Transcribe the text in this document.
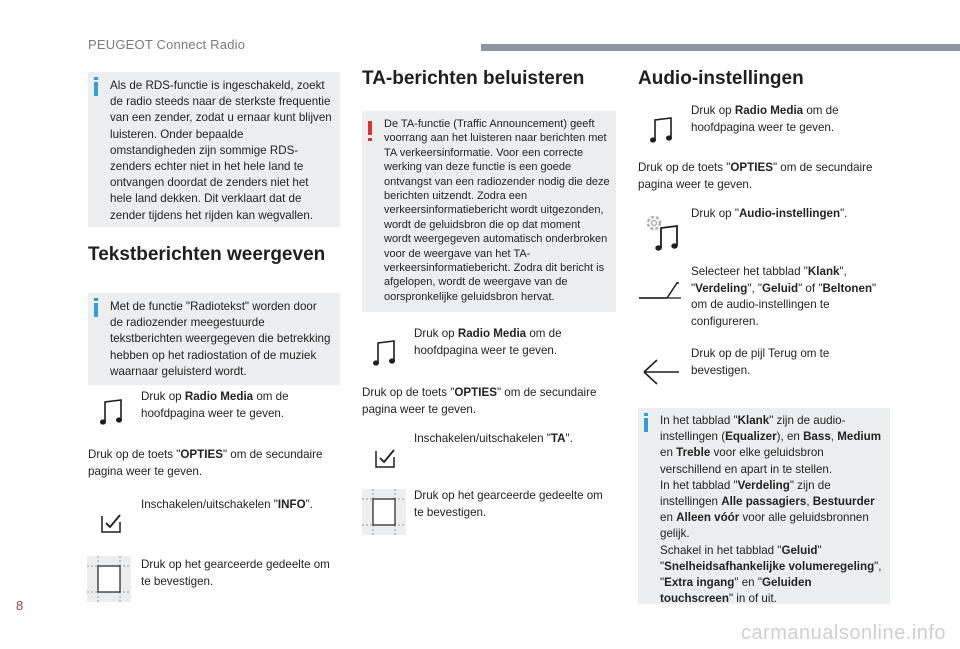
PEUGEOT Connect Radio

Als de RDS-functie is ingeschakeld, zoekt de radio steeds naar de sterkste frequentie van een zender, zodat u ernaar kunt blijven luisteren. Onder bepaalde omstandigheden zijn sommige RDS-zenders echter niet in het hele land te ontvangen doordat de zenders niet het hele land dekken. Dit verklaart dat de zender tijdens het rijden kan wegvallen.

Tekstberichten weergeven

Met de functie "Radiotekst" worden door de radiozender meegestuurde tekstberichten weergegeven die betrekking hebben op het radiostation of de muziek waarnaar geluisterd wordt.

Druk op Radio Media om de hoofdpagina weer te geven.
Druk op de toets "OPTIES" om de secundaire pagina weer te geven.
Inschakelen/uitschakelen "INFO".
Druk op het gearceerde gedeelte om te bevestigen.
TA-berichten beluisteren

De TA-functie (Traffic Announcement) geeft voorrang aan het luisteren naar berichten met TA verkeersinformatie. Voor een correcte werking van deze functie is een goede ontvangst van een radiozender nodig die deze berichten uitzendt. Zodra een verkeersinformatiebericht wordt uitgezonden, wordt de geluidsbron die op dat moment wordt weergegeven automatisch onderbroken voor de weergave van het TA-verkeersinformatiebericht. Zodra dit bericht is afgelopen, wordt de weergave van de oorspronkelijke geluidsbron hervat.

Druk op Radio Media om de hoofdpagina weer te geven.
Druk op de toets "OPTIES" om de secundaire pagina weer te geven.
Inschakelen/uitschakelen "TA".
Druk op het gearceerde gedeelte om te bevestigen.
Audio-instellingen
Druk op Radio Media om de hoofdpagina weer te geven.
Druk op de toets "OPTIES" om de secundaire pagina weer te geven.
Druk op "Audio-instellingen".
Selecteer het tabblad "Klank", "Verdeling", "Geluid" of "Beltonen" om de audio-instellingen te configureren.
Druk op de pijl Terug om te bevestigen.

In het tabblad "Klank" zijn de audio-instellingen (Equalizer), en Bass, Medium en Treble voor elke geluidsbron verschillend en apart in te stellen.

In het tabblad "Verdeling" zijn de instellingen Alle passagiers, Bestuurder en Alleen vóór voor alle geluidsbronnen gelijk.

Schakel in het tabblad "Geluid" "Snelheidsafhankelijke volumeregeling", "Extra ingang" en "Geluiden touchscreen" in of uit.

8
carmanualsonline.info
